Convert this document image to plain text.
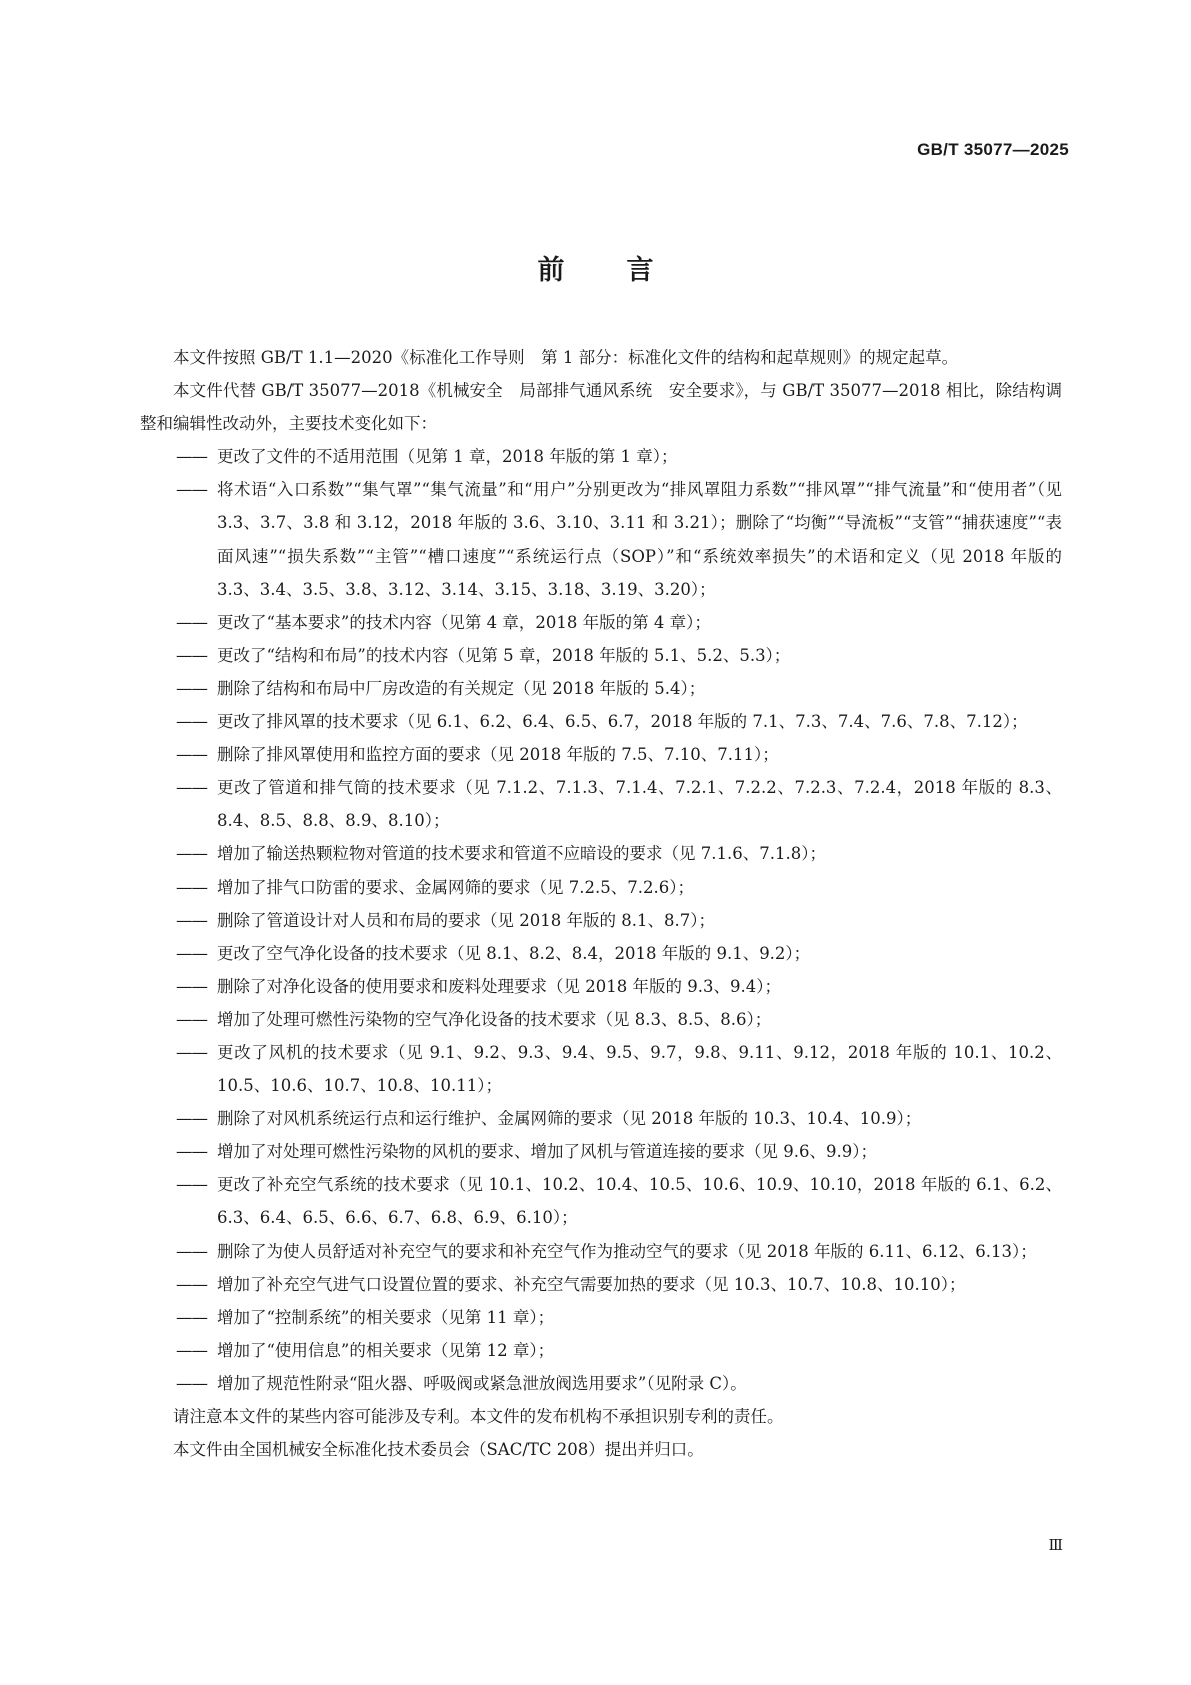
GB/T 35077—2025
前言

本文件按照 GB/T 1.1—2020《标准化工作导则　第 1 部分：标准化文件的结构和起草规则》的规定起草。

本文件代替 GB/T 35077—2018《机械安全　局部排气通风系统　安全要求》，与 GB/T 35077—2018 相比，除结构调整和编辑性改动外，主要技术变化如下：

—— 更改了文件的不适用范围（见第 1 章，2018 年版的第 1 章）；
—— 将术语“入口系数”“集气罩”“集气流量”和“用户”分别更改为“排风罩阻力系数”“排风罩”“排气流量”和“使用者”（见 3.3、3.7、3.8 和 3.12，2018 年版的 3.6、3.10、3.11 和 3.21）；删除了“均衡”“导流板”“支管”“捕获速度”“表面风速”“损失系数”“主管”“槽口速度”“系统运行点（SOP）”和“系统效率损失”的术语和定义（见 2018 年版的 3.3、3.4、3.5、3.8、3.12、3.14、3.15、3.18、3.19、3.20）；
—— 更改了“基本要求”的技术内容（见第 4 章，2018 年版的第 4 章）；
—— 更改了“结构和布局”的技术内容（见第 5 章，2018 年版的 5.1、5.2、5.3）；
—— 删除了结构和布局中厂房改造的有关规定（见 2018 年版的 5.4）；
—— 更改了排风罩的技术要求（见 6.1、6.2、6.4、6.5、6.7，2018 年版的 7.1、7.3、7.4、7.6、7.8、7.12）；
—— 删除了排风罩使用和监控方面的要求（见 2018 年版的 7.5、7.10、7.11）；
—— 更改了管道和排气筒的技术要求（见 7.1.2、7.1.3、7.1.4、7.2.1、7.2.2、7.2.3、7.2.4，2018 年版的 8.3、8.4、8.5、8.8、8.9、8.10）；
—— 增加了输送热颗粒物对管道的技术要求和管道不应暗设的要求（见 7.1.6、7.1.8）；
—— 增加了排气口防雷的要求、金属网筛的要求（见 7.2.5、7.2.6）；
—— 删除了管道设计对人员和布局的要求（见 2018 年版的 8.1、8.7）；
—— 更改了空气净化设备的技术要求（见 8.1、8.2、8.4，2018 年版的 9.1、9.2）；
—— 删除了对净化设备的使用要求和废料处理要求（见 2018 年版的 9.3、9.4）；
—— 增加了处理可燃性污染物的空气净化设备的技术要求（见 8.3、8.5、8.6）；
—— 更改了风机的技术要求（见 9.1、9.2、9.3、9.4、9.5、9.7，9.8、9.11、9.12，2018 年版的 10.1、10.2、10.5、10.6、10.7、10.8、10.11）；
—— 删除了对风机系统运行点和运行维护、金属网筛的要求（见 2018 年版的 10.3、10.4、10.9）；
—— 增加了对处理可燃性污染物的风机的要求、增加了风机与管道连接的要求（见 9.6、9.9）；
—— 更改了补充空气系统的技术要求（见 10.1、10.2、10.4、10.5、10.6、10.9、10.10，2018 年版的 6.1、6.2、6.3、6.4、6.5、6.6、6.7、6.8、6.9、6.10）；
—— 删除了为使人员舒适对补充空气的要求和补充空气作为推动空气的要求（见 2018 年版的 6.11、6.12、6.13）；
—— 增加了补充空气进气口设置位置的要求、补充空气需要加热的要求（见 10.3、10.7、10.8、10.10）；
—— 增加了“控制系统”的相关要求（见第 11 章）；
—— 增加了“使用信息”的相关要求（见第 12 章）；
—— 增加了规范性附录“阻火器、呼吸阀或紧急泄放阀选用要求”（见附录 C）。

请注意本文件的某些内容可能涉及专利。本文件的发布机构不承担识别专利的责任。

本文件由全国机械安全标准化技术委员会（SAC/TC 208）提出并归口。

Ⅲ
